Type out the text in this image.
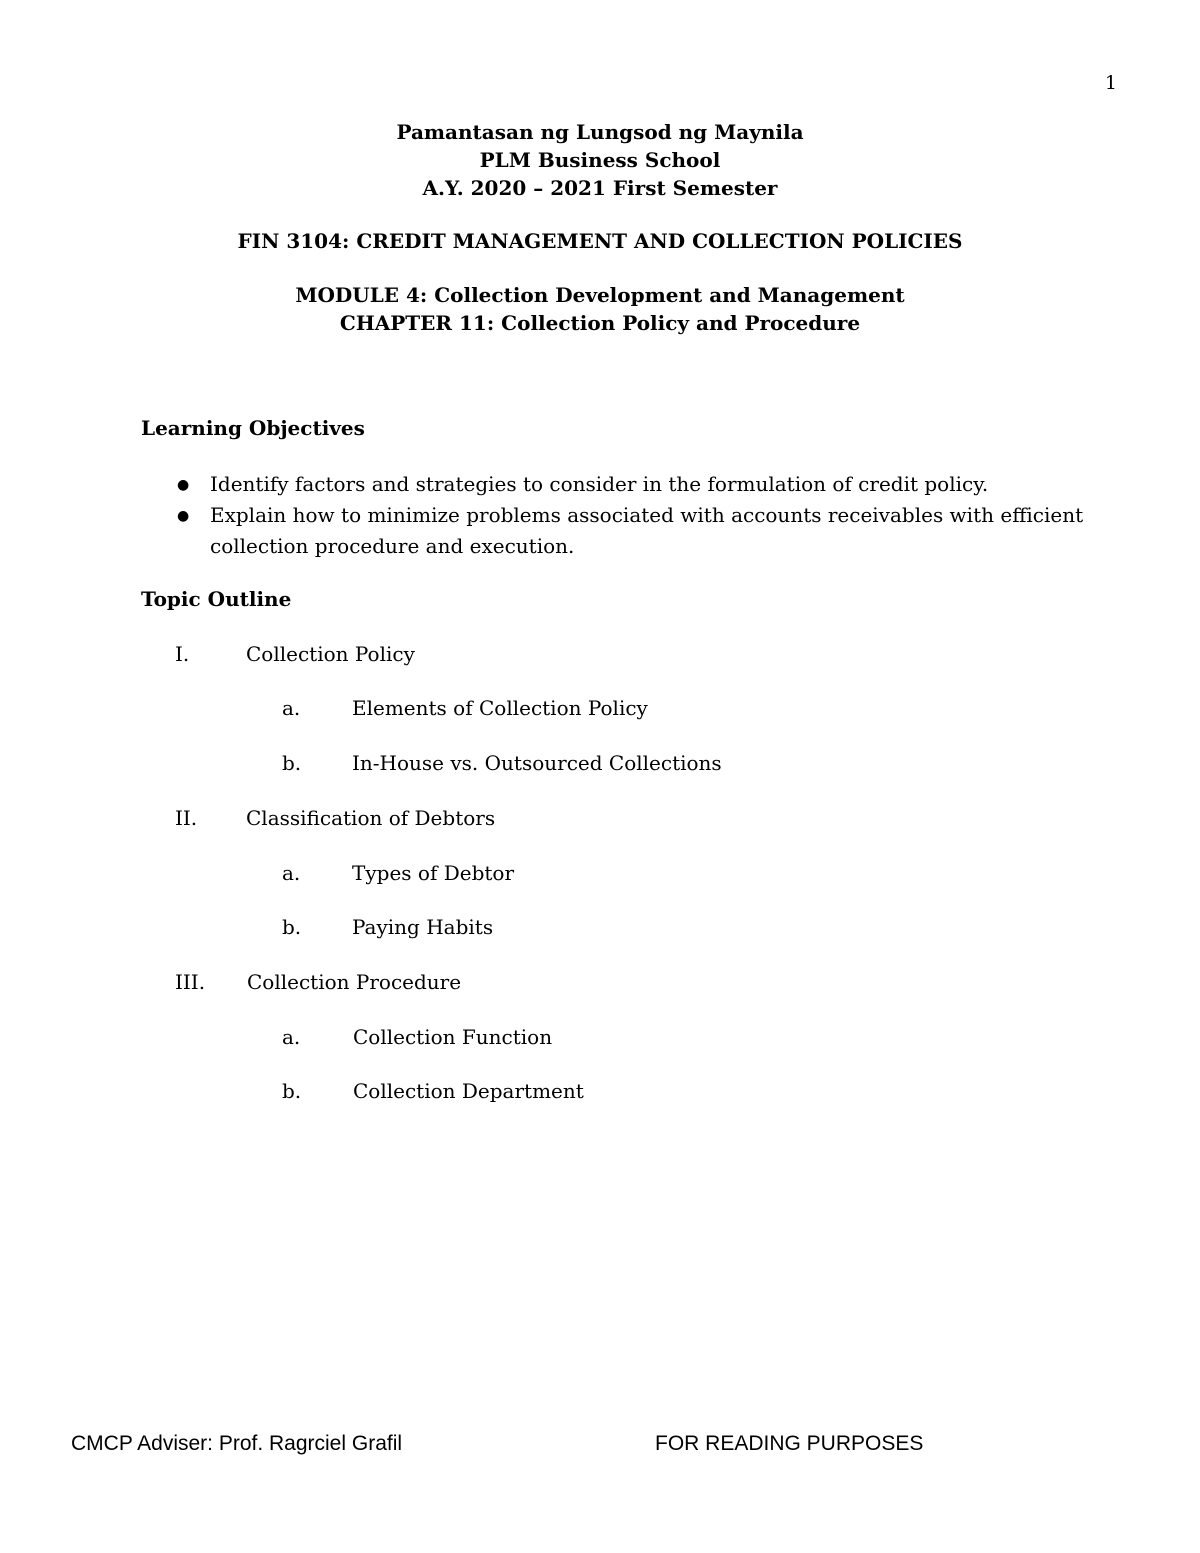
1
Pamantasan ng Lungsod ng Maynila
PLM Business School
A.Y. 2020 – 2021 First Semester
FIN 3104: CREDIT MANAGEMENT AND COLLECTION POLICIES
MODULE 4: Collection Development and Management
CHAPTER 11: Collection Policy and Procedure
Learning Objectives
● Identify factors and strategies to consider in the formulation of credit policy.
● Explain how to minimize problems associated with accounts receivables with efficient collection procedure and execution.
Topic Outline
I.	Collection Policy
a.	Elements of Collection Policy
b.	In-House vs. Outsourced Collections
II. Classification of Debtors
a.	Types of Debtor
b.	Paying Habits
III. Collection Procedure
a.	Collection Function
b.	Collection Department
CMCP Adviser: Prof. Ragrciel Grafil	FOR READING PURPOSES
